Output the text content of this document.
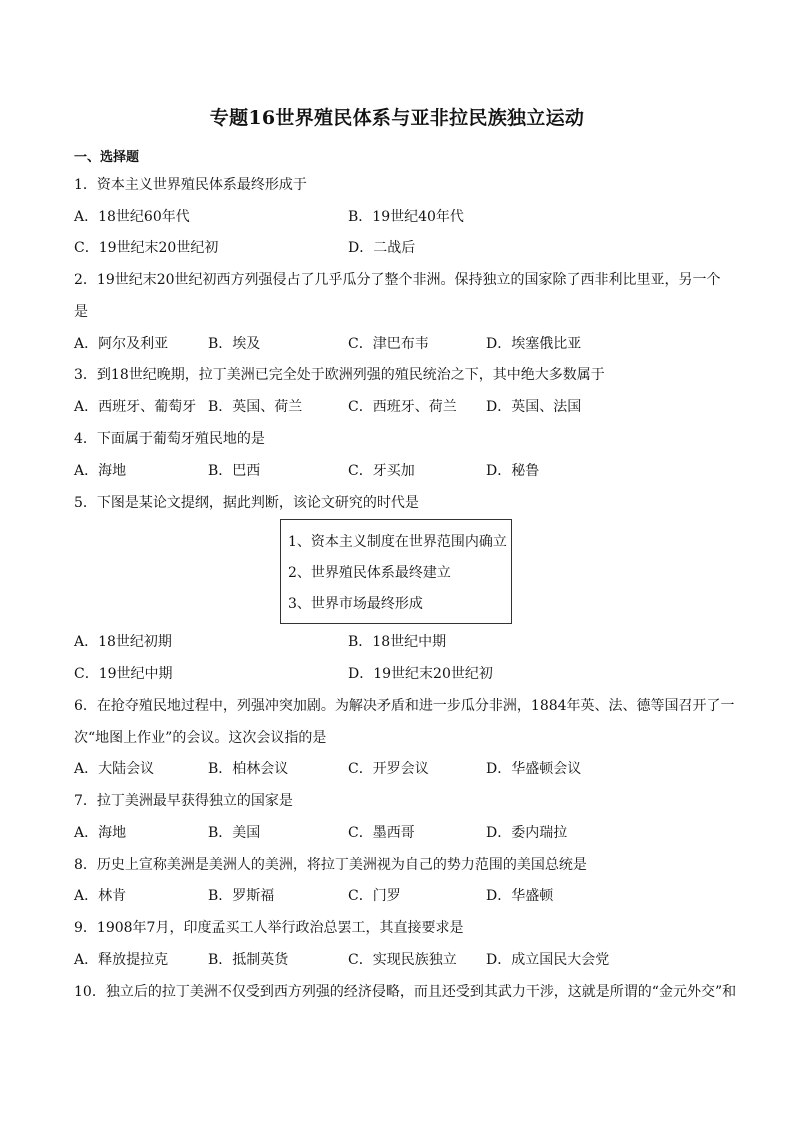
专题16世界殖民体系与亚非拉民族独立运动
一、选择题
1．资本主义世界殖民体系最终形成于
A．18世纪60年代	B．19世纪40年代
C．19世纪末20世纪初	D．二战后
2．19世纪末20世纪初西方列强侵占了几乎瓜分了整个非洲。保持独立的国家除了西非利比里亚，另一个
是
A．阿尔及利亚	B．埃及	C．津巴布韦	D．埃塞俄比亚
3．到18世纪晚期，拉丁美洲已完全处于欧洲列强的殖民统治之下，其中绝大多数属于
A．西班牙、葡萄牙 B．英国、荷兰	C．西班牙、荷兰 D．英国、法国
4．下面属于葡萄牙殖民地的是
A．海地	B．巴西	C．牙买加	D．秘鲁
5．下图是某论文提纲，据此判断，该论文研究的时代是
1、资本主义制度在世界范围内确立
2、世界殖民体系最终建立
3、世界市场最终形成
A．18世纪初期	B．18世纪中期
C．19世纪中期	D．19世纪末20世纪初
6．在抢夺殖民地过程中，列强冲突加剧。为解决矛盾和进一步瓜分非洲，1884年英、法、德等国召开了一
次“地图上作业”的会议。这次会议指的是
A．大陆会议	B．柏林会议	C．开罗会议	D．华盛顿会议
7．拉丁美洲最早获得独立的国家是
A．海地	B．美国	C．墨西哥	D．委内瑞拉
8．历史上宣称美洲是美洲人的美洲，将拉丁美洲视为自己的势力范围的美国总统是
A．林肯	B．罗斯福	C．门罗	D．华盛顿
9．1908年7月，印度孟买工人举行政治总罢工，其直接要求是
A．释放提拉克	B．抵制英货	C．实现民族独立 D．成立国民大会党
10．独立后的拉丁美洲不仅受到西方列强的经济侵略，而且还受到其武力干涉，这就是所谓的“金元外交”和
